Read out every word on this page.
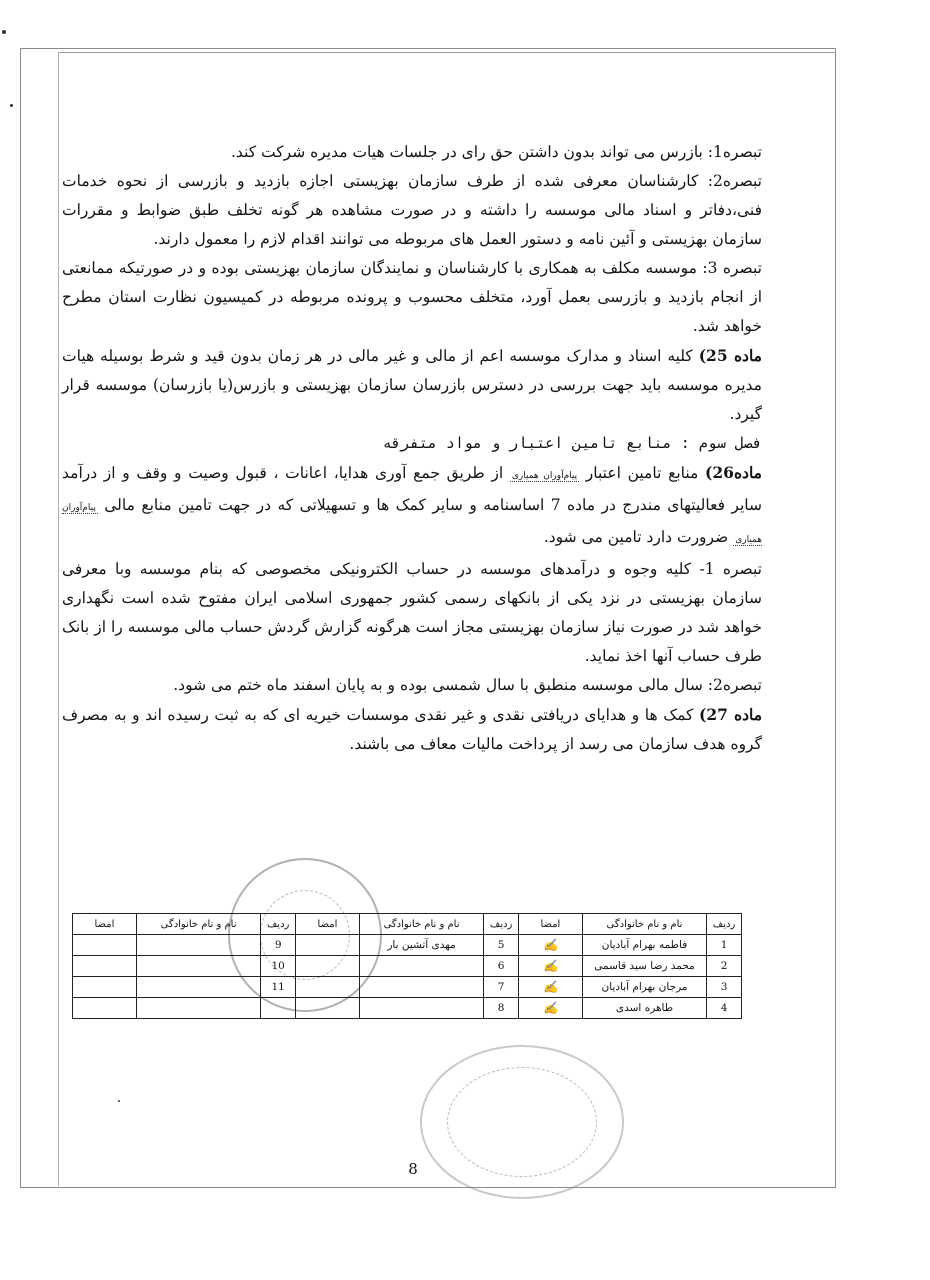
تبصره1: بازرس می تواند بدون داشتن حق رای در جلسات هیات مدیره شرکت کند.

تبصره2: کارشناسان معرفی شده از طرف سازمان بهزیستی اجازه بازدید و بازرسی از نحوه خدمات فنی،دفاتر و اسناد مالی موسسه را داشته و در صورت مشاهده هر گونه تخلف طبق ضوابط و مقررات سازمان بهزیستی و آئین نامه و دستور العمل های مربوطه می توانند اقدام لازم را معمول دارند.

تبصره 3: موسسه مکلف به همکاری با کارشناسان و نمایندگان سازمان بهزیستی بوده و در صورتیکه ممانعتی از انجام بازدید و بازرسی بعمل آورد، متخلف محسوب و پرونده مربوطه در کمیسیون نظارت استان مطرح خواهد شد.

ماده 25) کلیه اسناد و مدارک موسسه اعم از مالی و غیر مالی در هر زمان بدون قید و شرط بوسیله هیات مدیره موسسه باید جهت بررسی در دسترس بازرسان سازمان بهزیستی و بازرس(یا بازرسان) موسسه قرار گیرد.

فصل سوم : منابع تامین اعتبار و مواد متفرقه

ماده26) منابع تامین اعتبار پیام‌آوران همیاری از طریق جمع آوری هدایا، اعانات ، قبول وصیت و وقف و از درآمد سایر فعالیتهای مندرج در ماده 7 اساسنامه و سایر کمک ها و تسهیلاتی که در جهت تامین منابع مالی پیام‌آوران همیاری ضرورت دارد تامین می شود.

تبصره 1- کلیه وجوه و درآمدهای موسسه در حساب الکترونیکی مخصوصی که بنام موسسه وبا معرفی سازمان بهزیستی در نزد یکی از بانکهای رسمی کشور جمهوری اسلامی ایران مفتوح شده است نگهداری خواهد شد در صورت نیاز سازمان بهزیستی مجاز است هرگونه گزارش گردش حساب مالی موسسه را از بانک طرف حساب آنها اخذ نماید.

تبصره2: سال مالی موسسه منطبق با سال شمسی بوده و به پایان اسفند ماه ختم می شود.

ماده 27) کمک ها و هدایای دریافتی نقدی و غیر نقدی موسسات خیریه ای که به ثبت رسیده اند و به مصرف گروه هدف سازمان می رسد از پرداخت مالیات معاف می باشند.

ردیف	نام و نام خانوادگی	امضا	ردیف	نام و نام خانوادگی	امضا	ردیف	نام و نام خانوادگی	امضا
1	فاطمه بهرام آبادیان	✍	5	مهدی آتشین بار		9		
2	محمد رضا سید قاسمی	✍	6			10		
3	مرجان بهرام آبادیان	✍	7			11		
4	طاهره اسدی	✍	8					
8
